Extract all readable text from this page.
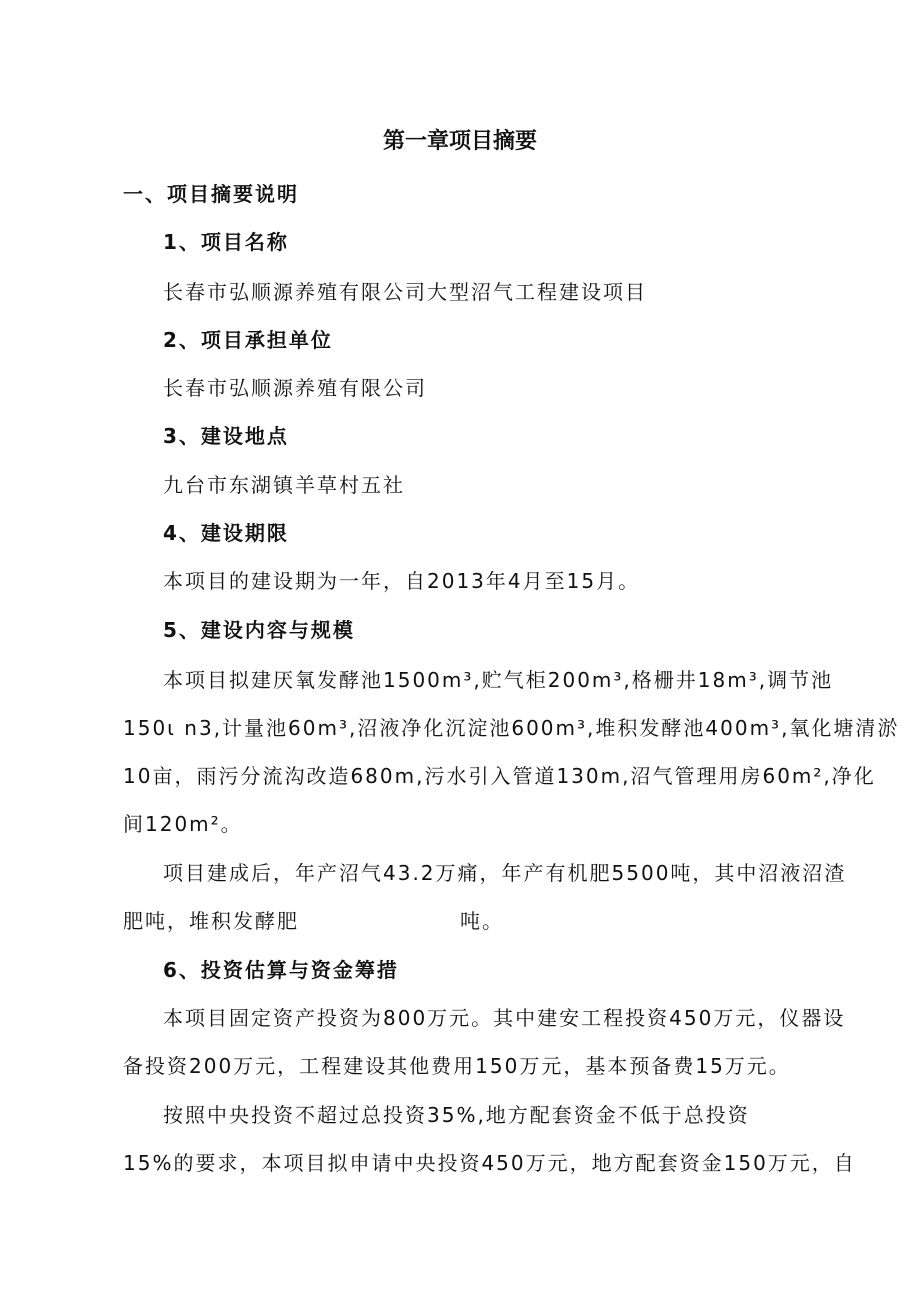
第一章项目摘要
一、项目摘要说明
1、项目名称
长春市弘顺源养殖有限公司大型沼气工程建设项目
2、项目承担单位
长春市弘顺源养殖有限公司
3、建设地点
九台市东湖镇羊草村五社
4、建设期限
本项目的建设期为一年，自2013年4月至15月。
5、建设内容与规模
本项目拟建厌氧发酵池1500m³,贮气柜200m³,格栅井18m³,调节池
150ι n3,计量池60m³,沼液净化沉淀池600m³,堆积发酵池400m³,氧化塘清淤
10亩，雨污分流沟改造680m,污水引入管道130m,沼气管理用房60m²,净化
间120m²。
项目建成后，年产沼气43.2万痛，年产有机肥5500吨，其中沼液沼渣
肥吨，堆积发酵肥	吨。
6、投资估算与资金筹措
本项目固定资产投资为800万元。其中建安工程投资450万元，仪器设
备投资200万元，工程建设其他费用150万元，基本预备费15万元。
按照中央投资不超过总投资35%,地方配套资金不低于总投资
15%的要求，本项目拟申请中央投资450万元，地方配套资金150万元，自
